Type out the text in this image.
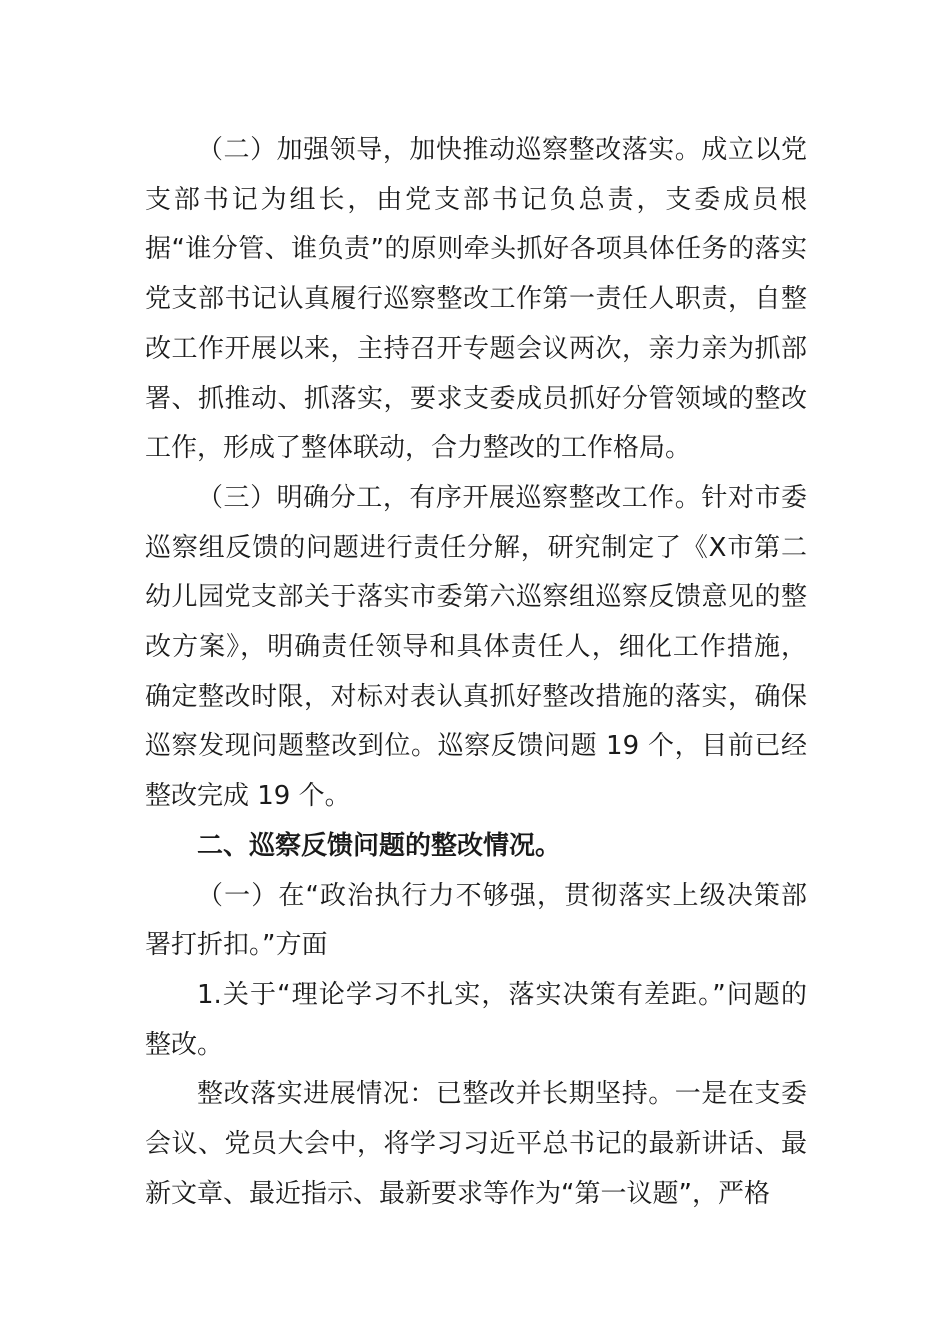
（二）加强领导，加快推动巡察整改落实。成立以党支部书记为组长，由党支部书记负总责，支委成员根据“谁分管、谁负责”的原则牵头抓好各项具体任务的落实党支部书记认真履行巡察整改工作第一责任人职责，自整改工作开展以来，主持召开专题会议两次，亲力亲为抓部署、抓推动、抓落实，要求支委成员抓好分管领域的整改工作，形成了整体联动，合力整改的工作格局。

（三）明确分工，有序开展巡察整改工作。针对市委巡察组反馈的问题进行责任分解，研究制定了《X市第二幼儿园党支部关于落实市委第六巡察组巡察反馈意见的整改方案》，明确责任领导和具体责任人，细化工作措施，确定整改时限，对标对表认真抓好整改措施的落实，确保巡察发现问题整改到位。巡察反馈问题 19 个，目前已经整改完成 19 个。

二、巡察反馈问题的整改情况。

（一）在“政治执行力不够强，贯彻落实上级决策部署打折扣。”方面

1.关于“理论学习不扎实，落实决策有差距。”问题的整改。

整改落实进展情况：已整改并长期坚持。一是在支委会议、党员大会中，将学习习近平总书记的最新讲话、最新文章、最近指示、最新要求等作为“第一议题”，严格
